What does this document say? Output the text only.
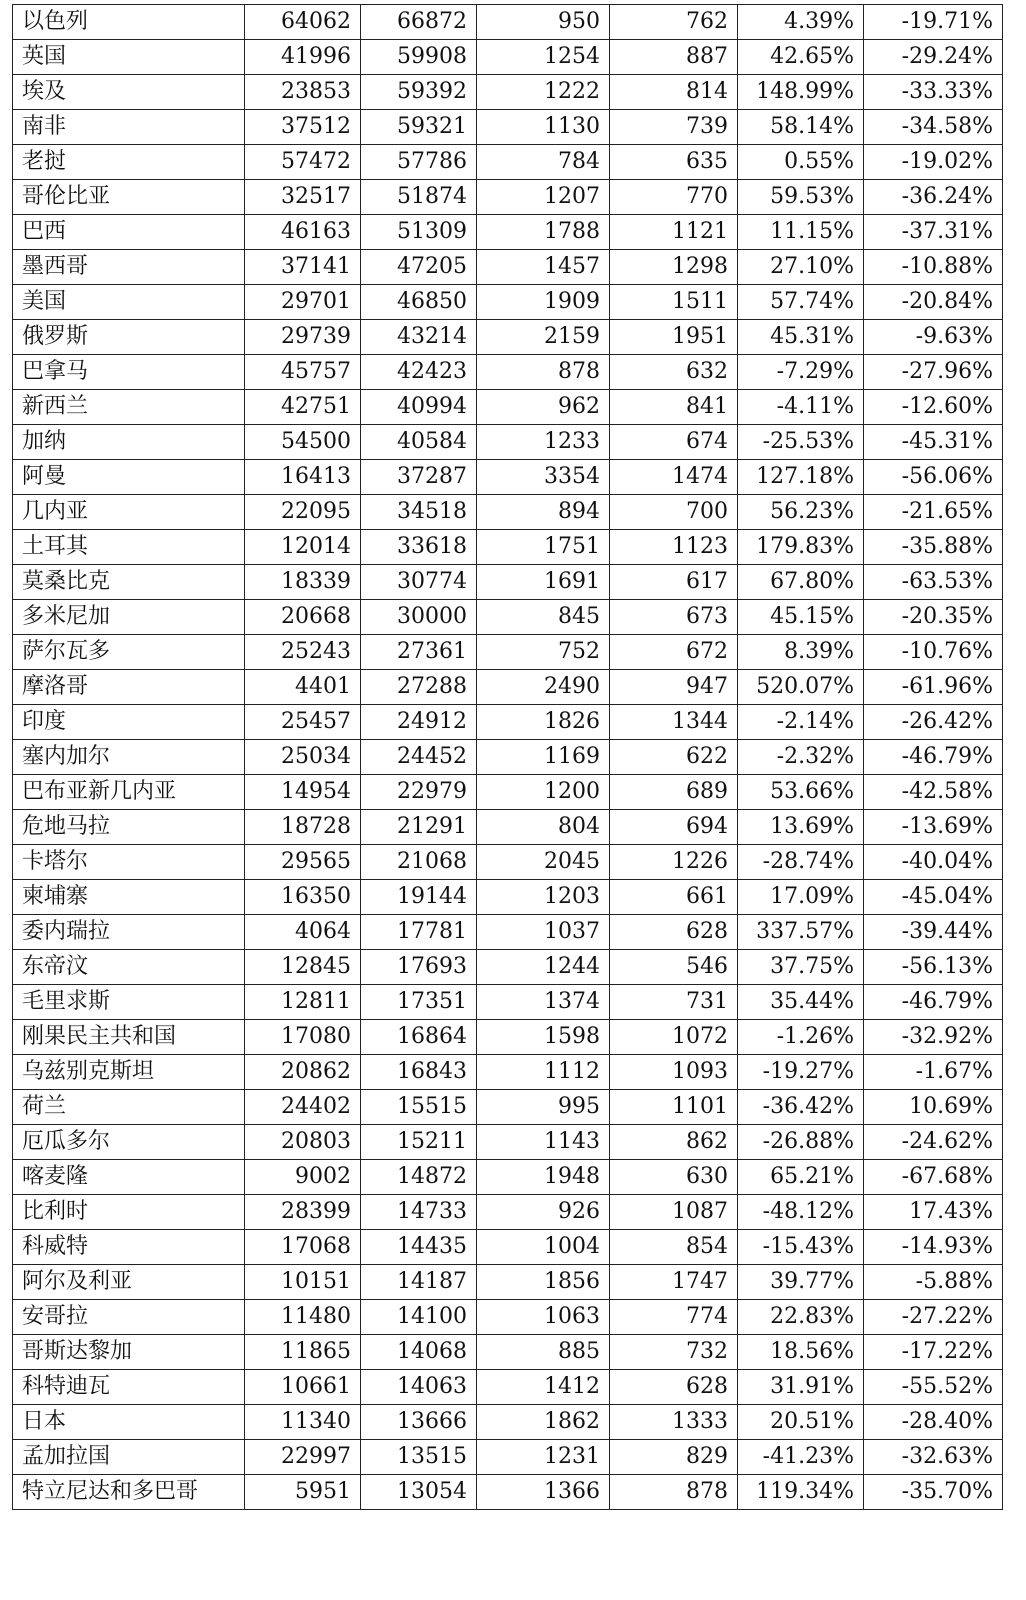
以色列	64062	66872	950	762	4.39%	-19.71%
英国	41996	59908	1254	887	42.65%	-29.24%
埃及	23853	59392	1222	814	148.99%	-33.33%
南非	37512	59321	1130	739	58.14%	-34.58%
老挝	57472	57786	784	635	0.55%	-19.02%
哥伦比亚	32517	51874	1207	770	59.53%	-36.24%
巴西	46163	51309	1788	1121	11.15%	-37.31%
墨西哥	37141	47205	1457	1298	27.10%	-10.88%
美国	29701	46850	1909	1511	57.74%	-20.84%
俄罗斯	29739	43214	2159	1951	45.31%	-9.63%
巴拿马	45757	42423	878	632	-7.29%	-27.96%
新西兰	42751	40994	962	841	-4.11%	-12.60%
加纳	54500	40584	1233	674	-25.53%	-45.31%
阿曼	16413	37287	3354	1474	127.18%	-56.06%
几内亚	22095	34518	894	700	56.23%	-21.65%
土耳其	12014	33618	1751	1123	179.83%	-35.88%
莫桑比克	18339	30774	1691	617	67.80%	-63.53%
多米尼加	20668	30000	845	673	45.15%	-20.35%
萨尔瓦多	25243	27361	752	672	8.39%	-10.76%
摩洛哥	4401	27288	2490	947	520.07%	-61.96%
印度	25457	24912	1826	1344	-2.14%	-26.42%
塞内加尔	25034	24452	1169	622	-2.32%	-46.79%
巴布亚新几内亚	14954	22979	1200	689	53.66%	-42.58%
危地马拉	18728	21291	804	694	13.69%	-13.69%
卡塔尔	29565	21068	2045	1226	-28.74%	-40.04%
柬埔寨	16350	19144	1203	661	17.09%	-45.04%
委内瑞拉	4064	17781	1037	628	337.57%	-39.44%
东帝汶	12845	17693	1244	546	37.75%	-56.13%
毛里求斯	12811	17351	1374	731	35.44%	-46.79%
刚果民主共和国	17080	16864	1598	1072	-1.26%	-32.92%
乌兹别克斯坦	20862	16843	1112	1093	-19.27%	-1.67%
荷兰	24402	15515	995	1101	-36.42%	10.69%
厄瓜多尔	20803	15211	1143	862	-26.88%	-24.62%
喀麦隆	9002	14872	1948	630	65.21%	-67.68%
比利时	28399	14733	926	1087	-48.12%	17.43%
科威特	17068	14435	1004	854	-15.43%	-14.93%
阿尔及利亚	10151	14187	1856	1747	39.77%	-5.88%
安哥拉	11480	14100	1063	774	22.83%	-27.22%
哥斯达黎加	11865	14068	885	732	18.56%	-17.22%
科特迪瓦	10661	14063	1412	628	31.91%	-55.52%
日本	11340	13666	1862	1333	20.51%	-28.40%
孟加拉国	22997	13515	1231	829	-41.23%	-32.63%
特立尼达和多巴哥	5951	13054	1366	878	119.34%	-35.70%
